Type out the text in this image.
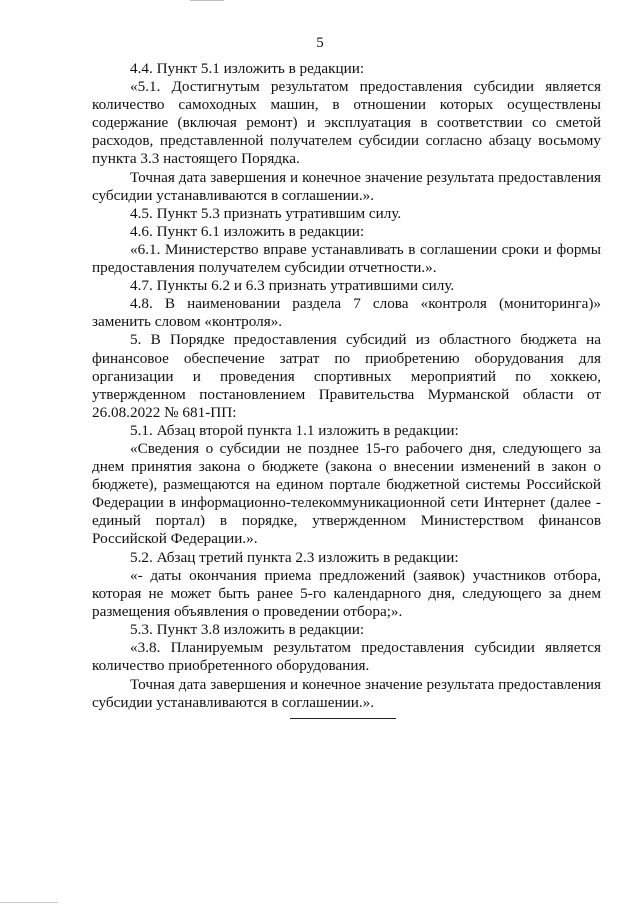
5

4.4. Пункт 5.1 изложить в редакции:

«5.1. Достигнутым результатом предоставления субсидии является количество самоходных машин, в отношении которых осуществлены содержание (включая ремонт) и эксплуатация в соответствии со сметой расходов, представленной получателем субсидии согласно абзацу восьмому пункта 3.3 настоящего Порядка.

Точная дата завершения и конечное значение результата предоставления субсидии устанавливаются в соглашении.».

4.5. Пункт 5.3 признать утратившим силу.

4.6. Пункт 6.1 изложить в редакции:

«6.1. Министерство вправе устанавливать в соглашении сроки и формы предоставления получателем субсидии отчетности.».

4.7. Пункты 6.2 и 6.3 признать утратившими силу.

4.8. В наименовании раздела 7 слова «контроля (мониторинга)» заменить словом «контроля».

5. В Порядке предоставления субсидий из областного бюджета на финансовое обеспечение затрат по приобретению оборудования для организации и проведения спортивных мероприятий по хоккею, утвержденном постановлением Правительства Мурманской области от 26.08.2022 № 681-ПП:

5.1. Абзац второй пункта 1.1 изложить в редакции:

«Сведения о субсидии не позднее 15-го рабочего дня, следующего за днем принятия закона о бюджете (закона о внесении изменений в закон о бюджете), размещаются на едином портале бюджетной системы Российской Федерации в информационно-телекоммуникационной сети Интернет (далее - единый портал) в порядке, утвержденном Министерством финансов Российской Федерации.».

5.2. Абзац третий пункта 2.3 изложить в редакции:

«- даты окончания приема предложений (заявок) участников отбора, которая не может быть ранее 5-го календарного дня, следующего за днем размещения объявления о проведении отбора;».

5.3. Пункт 3.8 изложить в редакции:

«3.8. Планируемым результатом предоставления субсидии является количество приобретенного оборудования.

Точная дата завершения и конечное значение результата предоставления субсидии устанавливаются в соглашении.».
